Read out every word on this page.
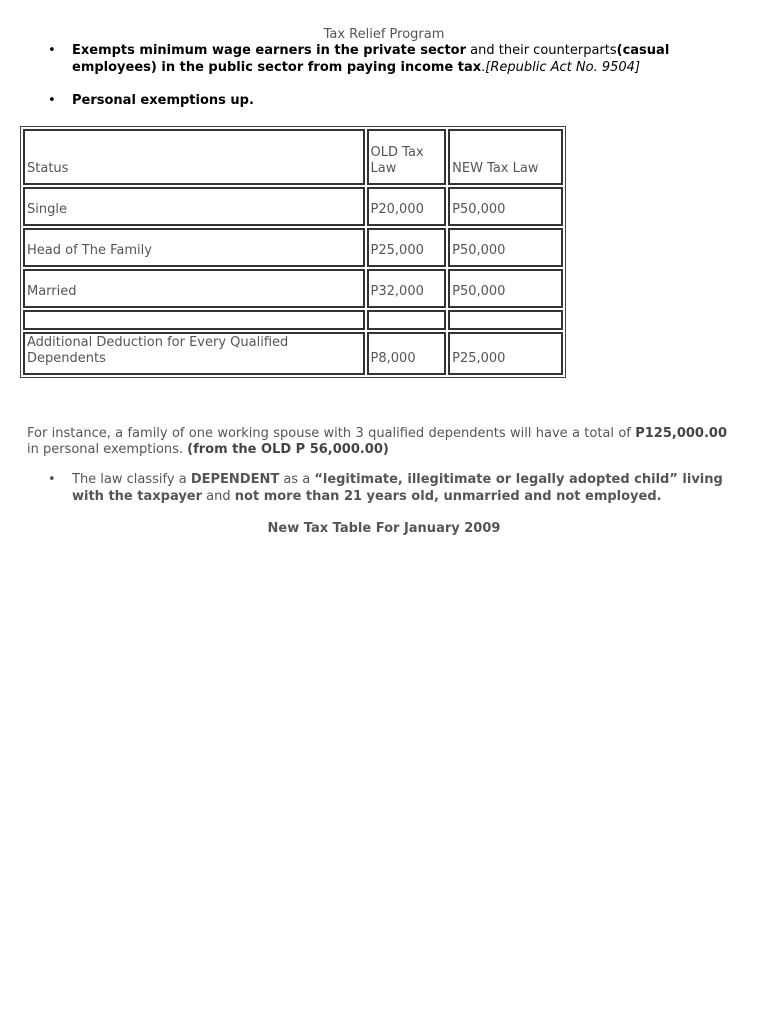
Tax Relief Program
• Exempts minimum wage earners in the private sector and their counterparts(casual employees) in the public sector from paying income tax.[Republic Act No. 9504]
• Personal exemptions up.
Status	OLD Tax Law	NEW Tax Law
Single	P20,000	P50,000
Head of The Family	P25,000	P50,000
Married	P32,000	P50,000

Additional Deduction for Every Qualified Dependents	P8,000	P25,000
For instance, a family of one working spouse with 3 qualified dependents will have a total of P125,000.00 in personal exemptions. (from the OLD P 56,000.00)
• The law classify a DEPENDENT as a “legitimate, illegitimate or legally adopted child” living with the taxpayer and not more than 21 years old, unmarried and not employed.
New Tax Table For January 2009
